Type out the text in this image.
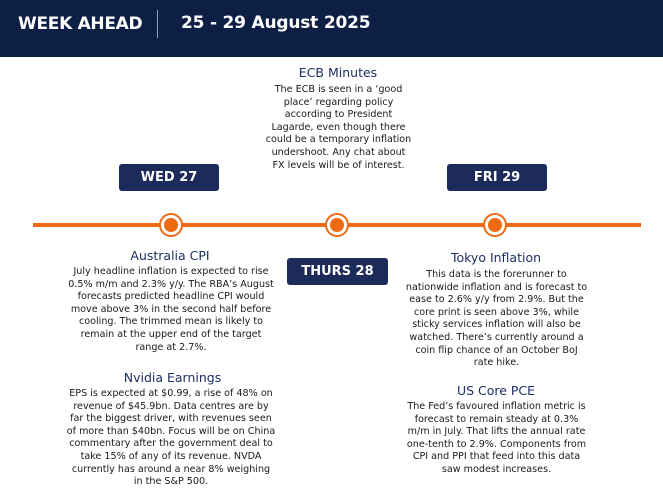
WEEK AHEAD 25 - 29 August 2025
WED 27
THURS 28
FRI 29
ECB Minutes
The ECB is seen in a ‘good place’ regarding policy according to President Lagarde, even though there could be a temporary inflation undershoot. Any chat about FX levels will be of interest.
Australia CPI
July headline inflation is expected to rise 0.5% m/m and 2.3% y/y. The RBA’s August forecasts predicted headline CPI would move above 3% in the second half before cooling. The trimmed mean is likely to remain at the upper end of the target range at 2.7%.
Nvidia Earnings
EPS is expected at $0.99, a rise of 48% on revenue of $45.9bn. Data centres are by far the biggest driver, with revenues seen of more than $40bn. Focus will be on China commentary after the government deal to take 15% of any of its revenue. NVDA currently has around a near 8% weighing in the S&P 500.
Tokyo Inflation
This data is the forerunner to nationwide inflation and is forecast to ease to 2.6% y/y from 2.9%. But the core print is seen above 3%, while sticky services inflation will also be watched. There’s currently around a coin flip chance of an October BoJ rate hike.
US Core PCE
The Fed’s favoured inflation metric is forecast to remain steady at 0.3% m/m in July. That lifts the annual rate one-tenth to 2.9%. Components from CPI and PPI that feed into this data saw modest increases.
